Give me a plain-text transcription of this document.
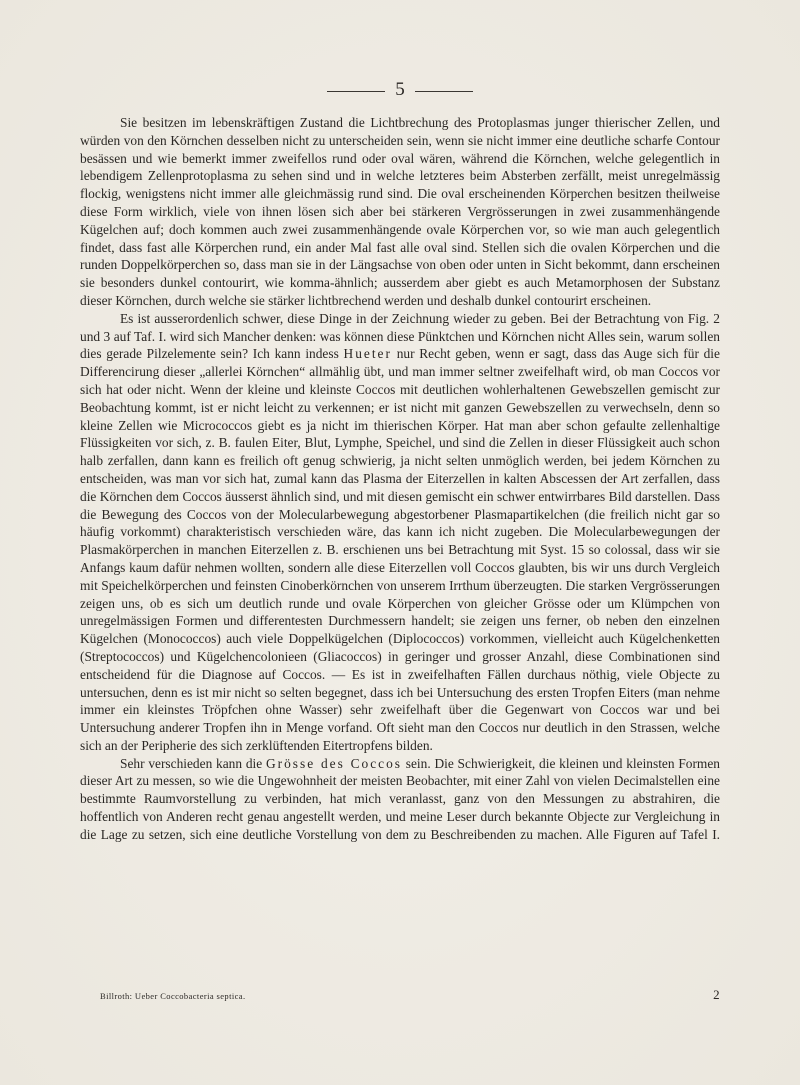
5

Sie besitzen im lebenskräftigen Zustand die Lichtbrechung des Protoplasmas junger thierischer Zellen, und würden von den Körnchen desselben nicht zu unterscheiden sein, wenn sie nicht immer eine deutliche scharfe Contour besässen und wie bemerkt immer zweifellos rund oder oval wären, während die Körnchen, welche gelegentlich in lebendigem Zellenprotoplasma zu sehen sind und in welche letzteres beim Absterben zerfällt, meist unregelmässig flockig, wenigstens nicht immer alle gleichmässig rund sind. Die oval erscheinenden Körperchen besitzen theilweise diese Form wirklich, viele von ihnen lösen sich aber bei stärkeren Vergrösserungen in zwei zusammenhängende Kügelchen auf; doch kommen auch zwei zusammenhängende ovale Körperchen vor, so wie man auch gelegentlich findet, dass fast alle Körperchen rund, ein ander Mal fast alle oval sind. Stellen sich die ovalen Körperchen und die runden Doppelkörperchen so, dass man sie in der Längsachse von oben oder unten in Sicht bekommt, dann erscheinen sie besonders dunkel contourirt, wie komma-ähnlich; ausserdem aber giebt es auch Metamorphosen der Substanz dieser Körnchen, durch welche sie stärker lichtbrechend werden und deshalb dunkel contourirt erscheinen.

Es ist ausserordenlich schwer, diese Dinge in der Zeichnung wieder zu geben. Bei der Betrachtung von Fig. 2 und 3 auf Taf. I. wird sich Mancher denken: was können diese Pünktchen und Körnchen nicht Alles sein, warum sollen dies gerade Pilzelemente sein? Ich kann indess Hueter nur Recht geben, wenn er sagt, dass das Auge sich für die Differencirung dieser „allerlei Körnchen“ allmählig übt, und man immer seltner zweifelhaft wird, ob man Coccos vor sich hat oder nicht. Wenn der kleine und kleinste Coccos mit deutlichen wohlerhaltenen Gewebszellen gemischt zur Beobachtung kommt, ist er nicht leicht zu verkennen; er ist nicht mit ganzen Gewebszellen zu verwechseln, denn so kleine Zellen wie Micrococcos giebt es ja nicht im thierischen Körper. Hat man aber schon gefaulte zellenhaltige Flüssigkeiten vor sich, z. B. faulen Eiter, Blut, Lymphe, Speichel, und sind die Zellen in dieser Flüssigkeit auch schon halb zerfallen, dann kann es freilich oft genug schwierig, ja nicht selten unmöglich werden, bei jedem Körnchen zu entscheiden, was man vor sich hat, zumal kann das Plasma der Eiterzellen in kalten Abscessen der Art zerfallen, dass die Körnchen dem Coccos äusserst ähnlich sind, und mit diesen gemischt ein schwer entwirrbares Bild darstellen. Dass die Bewegung des Coccos von der Molecularbewegung abgestorbener Plasmapartikelchen (die freilich nicht gar so häufig vorkommt) charakteristisch verschieden wäre, das kann ich nicht zugeben. Die Molecularbewegungen der Plasmakörperchen in manchen Eiterzellen z. B. erschienen uns bei Betrachtung mit Syst. 15 so colossal, dass wir sie Anfangs kaum dafür nehmen wollten, sondern alle diese Eiterzellen voll Coccos glaubten, bis wir uns durch Vergleich mit Speichelkörperchen und feinsten Cinoberkörnchen von unserem Irrthum überzeugten. Die starken Vergrösserungen zeigen uns, ob es sich um deutlich runde und ovale Körperchen von gleicher Grösse oder um Klümpchen von unregelmässigen Formen und differentesten Durchmessern handelt; sie zeigen uns ferner, ob neben den einzelnen Kügelchen (Monococcos) auch viele Doppelkügelchen (Diplococcos) vorkommen, vielleicht auch Kügelchenketten (Streptococcos) und Kügelchencolonieen (Gliacoccos) in geringer und grosser Anzahl, diese Combinationen sind entscheidend für die Diagnose auf Coccos. — Es ist in zweifelhaften Fällen durchaus nöthig, viele Objecte zu untersuchen, denn es ist mir nicht so selten begegnet, dass ich bei Untersuchung des ersten Tropfen Eiters (man nehme immer ein kleinstes Tröpfchen ohne Wasser) sehr zweifelhaft über die Gegenwart von Coccos war und bei Untersuchung anderer Tropfen ihn in Menge vorfand. Oft sieht man den Coccos nur deutlich in den Strassen, welche sich an der Peripherie des sich zerklüftenden Eitertropfens bilden.

Sehr verschieden kann die Grösse des Coccos sein. Die Schwierigkeit, die kleinen und kleinsten Formen dieser Art zu messen, so wie die Ungewohnheit der meisten Beobachter, mit einer Zahl von vielen Decimalstellen eine bestimmte Raumvorstellung zu verbinden, hat mich veranlasst, ganz von den Messungen zu abstrahiren, die hoffentlich von Anderen recht genau angestellt werden, und meine Leser durch bekannte Objecte zur Vergleichung in die Lage zu setzen, sich eine deutliche Vorstellung von dem zu Beschreibenden zu machen. Alle Figuren auf Tafel I.

Billroth: Ueber Coccobacteria septica.	2
